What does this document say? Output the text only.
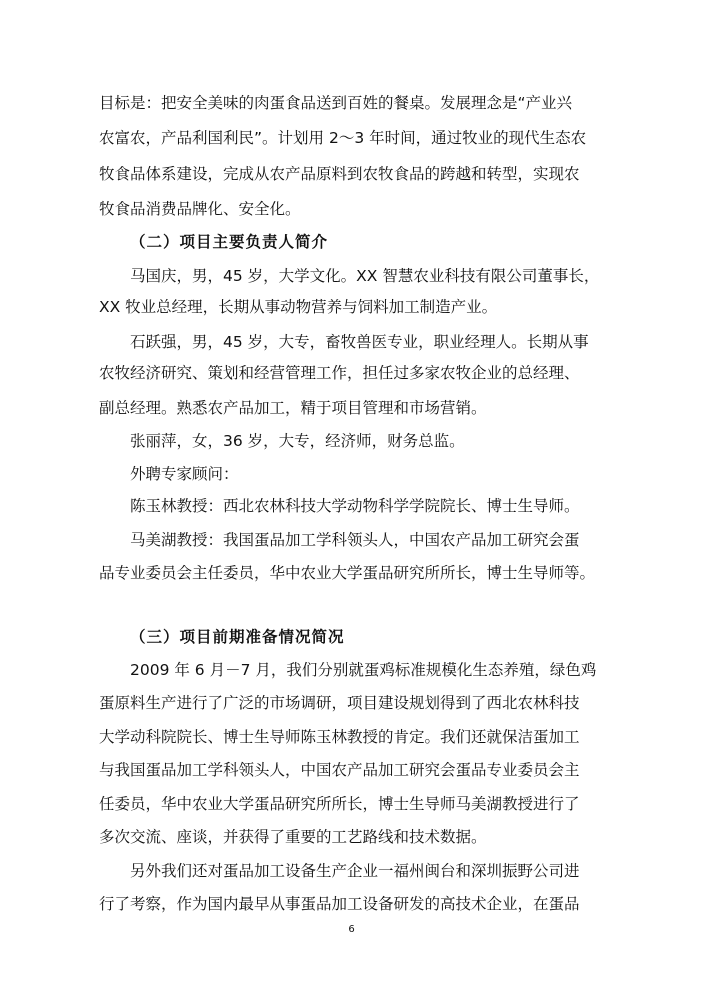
目标是：把安全美味的肉蛋食品送到百姓的餐桌。发展理念是“产业兴
农富农，产品利国利民”。计划用 2～3 年时间，通过牧业的现代生态农
牧食品体系建设，完成从农产品原料到农牧食品的跨越和转型，实现农
牧食品消费品牌化、安全化。
（二）项目主要负责人简介
马国庆，男，45 岁，大学文化。XX 智慧农业科技有限公司董事长，
XX 牧业总经理，长期从事动物营养与饲料加工制造产业。
石跃强，男，45 岁，大专，畜牧兽医专业，职业经理人。长期从事
农牧经济研究、策划和经营管理工作，担任过多家农牧企业的总经理、
副总经理。熟悉农产品加工，精于项目管理和市场营销。
张丽萍，女，36 岁，大专，经济师，财务总监。
外聘专家顾问：
陈玉林教授：西北农林科技大学动物科学学院院长、博士生导师。
马美湖教授：我国蛋品加工学科领头人，中国农产品加工研究会蛋
品专业委员会主任委员，华中农业大学蛋品研究所所长，博士生导师等。
（三）项目前期准备情况简况
2009 年 6 月－7 月，我们分别就蛋鸡标准规模化生态养殖，绿色鸡
蛋原料生产进行了广泛的市场调研，项目建设规划得到了西北农林科技
大学动科院院长、博士生导师陈玉林教授的肯定。我们还就保洁蛋加工
与我国蛋品加工学科领头人，中国农产品加工研究会蛋品专业委员会主
任委员，华中农业大学蛋品研究所所长，博士生导师马美湖教授进行了
多次交流、座谈，并获得了重要的工艺路线和技术数据。
另外我们还对蛋品加工设备生产企业一福州闽台和深圳振野公司进
行了考察，作为国内最早从事蛋品加工设备研发的高技术企业，在蛋品
6
